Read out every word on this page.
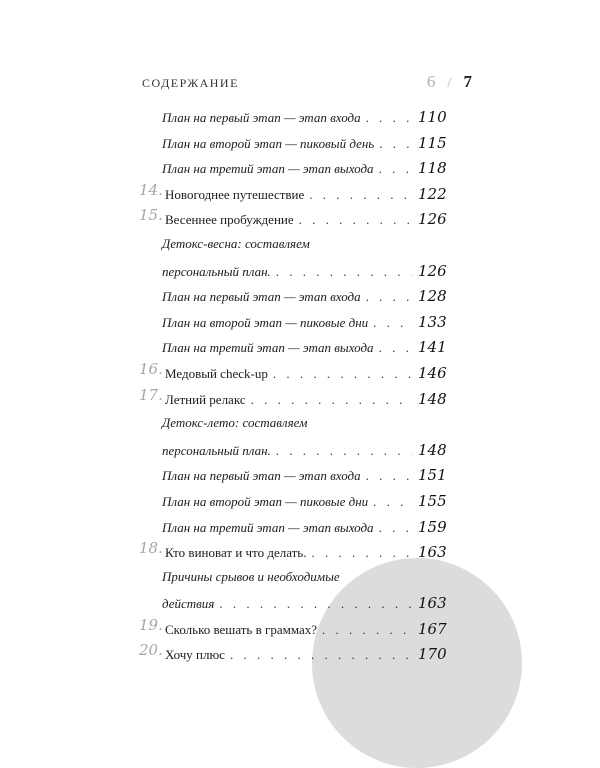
СОДЕРЖАНИЕ	6 / 7
План на первый этап — этап входа . . .	110
План на второй этап — пиковый день . . .	115
План на третий этап — этап выхода . . .	118
14. Новогоднее путешествие . . .	122
15. Весеннее пробуждение . . .	126
Детокс-весна: составляем
персональный план. . . .	126
План на первый этап — этап входа . . .	128
План на второй этап — пиковые дни . . .	133
План на третий этап — этап выхода . . .	141
16. Медовый check-up . . .	146
17. Летний релакс . . .	148
Детокс-лето: составляем
персональный план. . . .	148
План на первый этап — этап входа . . .	151
План на второй этап — пиковые дни . . .	155
План на третий этап — этап выхода . . .	159
18. Кто виноват и что делать. . . .	163
Причины срывов и необходимые
действия . . .	163
19. Сколько вешать в граммах? . . .	167
20. Хочу плюс . . .	170
